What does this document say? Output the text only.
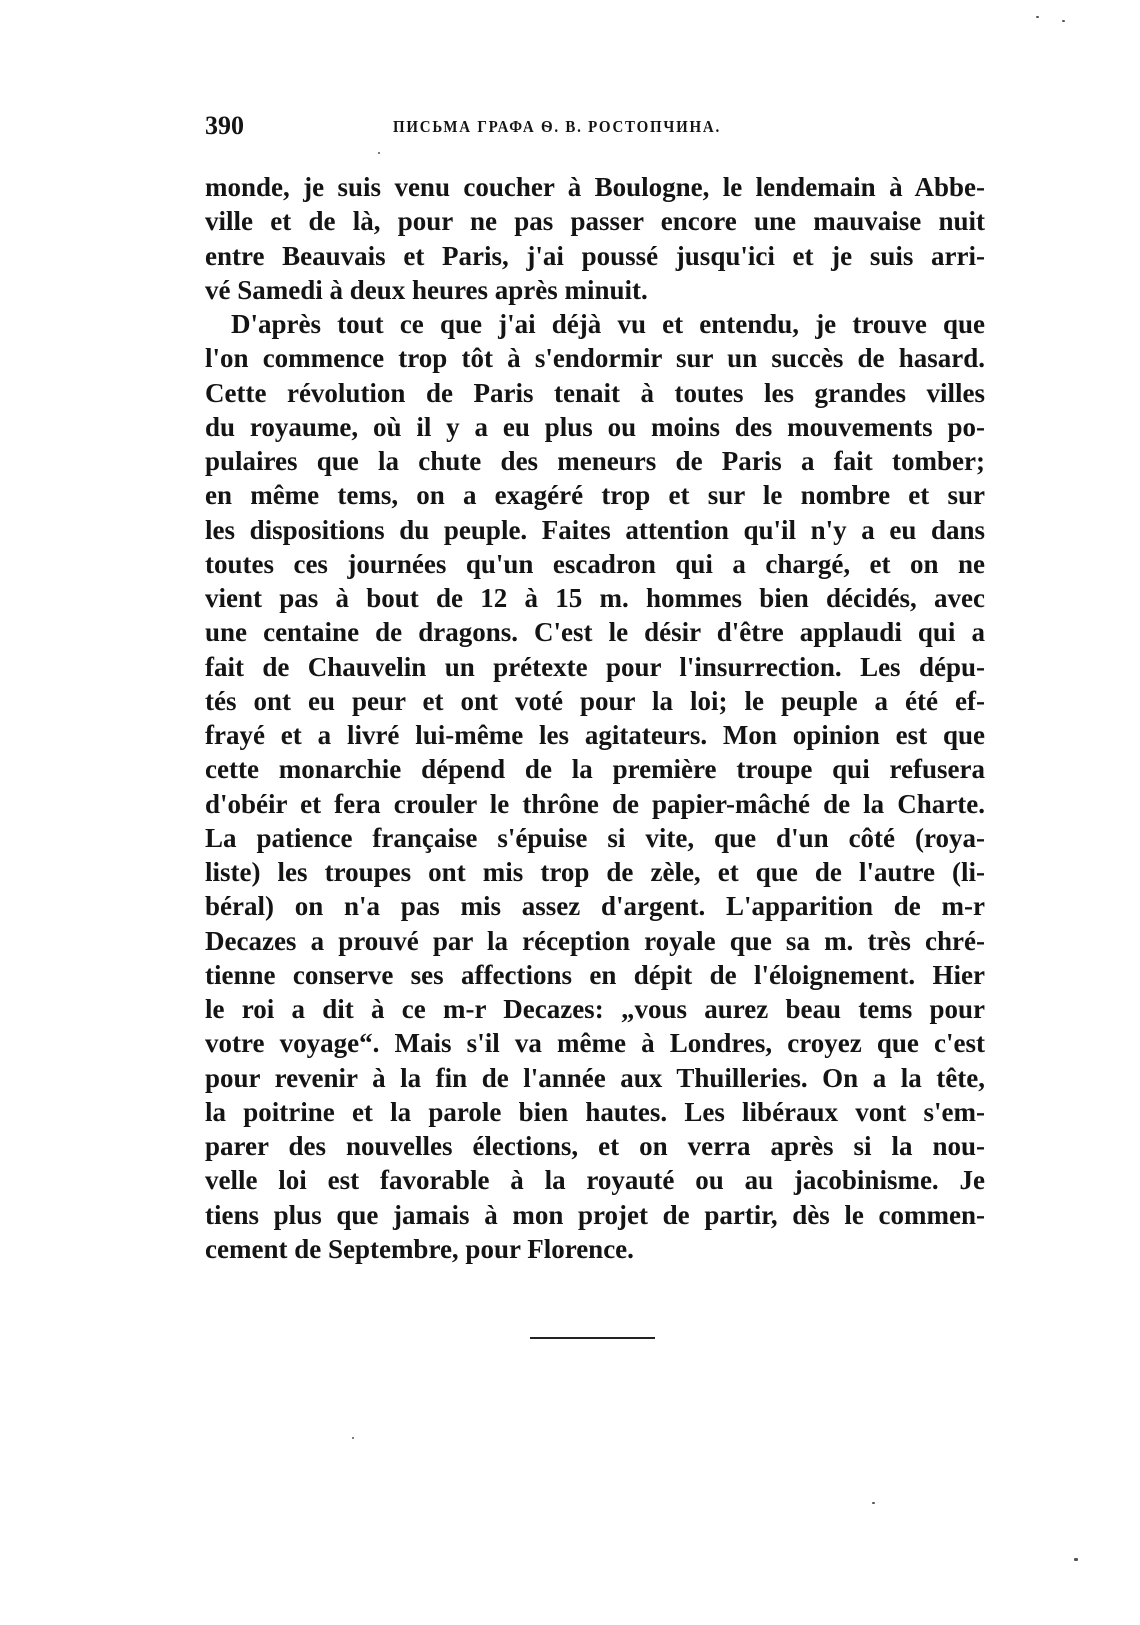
390	ПИСЬМА ГРАФА Ѳ. В. РОСТОПЧИНА.
monde, je suis venu coucher à Boulogne, le lendemain à Abbe-
ville et de là, pour ne pas passer encore une mauvaise nuit
entre Beauvais et Paris, j'ai poussé jusqu'ici et je suis arri-
vé Samedi à deux heures après minuit.
D'après tout ce que j'ai déjà vu et entendu, je trouve que
l'on commence trop tôt à s'endormir sur un succès de hasard.
Cette révolution de Paris tenait à toutes les grandes villes
du royaume, où il y a eu plus ou moins des mouvements po-
pulaires que la chute des meneurs de Paris a fait tomber;
en même tems, on a exagéré trop et sur le nombre et sur
les dispositions du peuple. Faites attention qu'il n'y a eu dans
toutes ces journées qu'un escadron qui a chargé, et on ne
vient pas à bout de 12 à 15 m. hommes bien décidés, avec
une centaine de dragons. C'est le désir d'être applaudi qui a
fait de Chauvelin un prétexte pour l'insurrection. Les dépu-
tés ont eu peur et ont voté pour la loi; le peuple a été ef-
frayé et a livré lui-même les agitateurs. Mon opinion est que
cette monarchie dépend de la première troupe qui refusera
d'obéir et fera crouler le thrône de papier-mâché de la Charte.
La patience française s'épuise si vite, que d'un côté (roya-
liste) les troupes ont mis trop de zèle, et que de l'autre (li-
béral) on n'a pas mis assez d'argent. L'apparition de m-r
Decazes a prouvé par la réception royale que sa m. très chré-
tienne conserve ses affections en dépit de l'éloignement. Hier
le roi a dit à ce m-r Decazes: „vous aurez beau tems pour
votre voyage“. Mais s'il va même à Londres, croyez que c'est
pour revenir à la fin de l'année aux Thuilleries. On a la tête,
la poitrine et la parole bien hautes. Les libéraux vont s'em-
parer des nouvelles élections, et on verra après si la nou-
velle loi est favorable à la royauté ou au jacobinisme. Je
tiens plus que jamais à mon projet de partir, dès le commen-
cement de Septembre, pour Florence.
